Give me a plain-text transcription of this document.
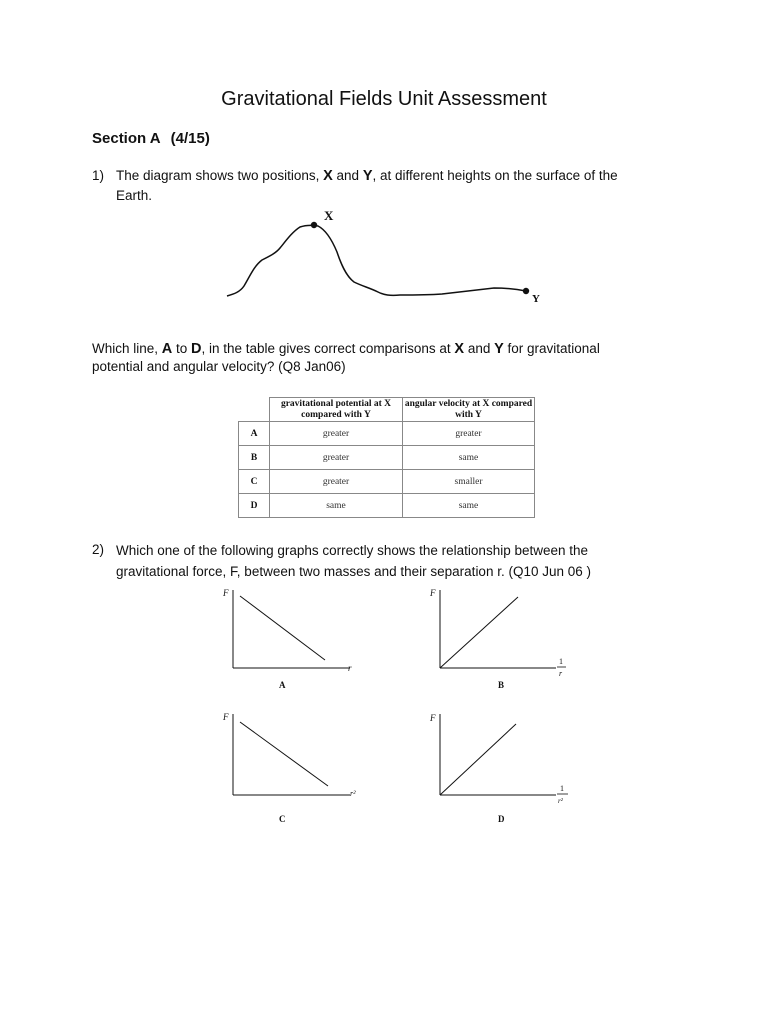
Gravitational Fields Unit Assessment
Section A (4/15)
1) The diagram shows two positions, X and Y, at different heights on the surface of the Earth.
X
Y
Which line, A to D, in the table gives correct comparisons at X and Y for gravitational potential and angular velocity? (Q8 Jan06)
	gravitational potential at X compared with Y	angular velocity at X compared with Y
A	greater	greater
B	greater	same
C	greater	smaller
D	same	same
2) Which one of the following graphs correctly shows the relationship between the gravitational force, F, between two masses and their separation r. (Q10 Jun 06 )
F
r
A
F
1
r
B
F
r²
C
F
1
r²
D
